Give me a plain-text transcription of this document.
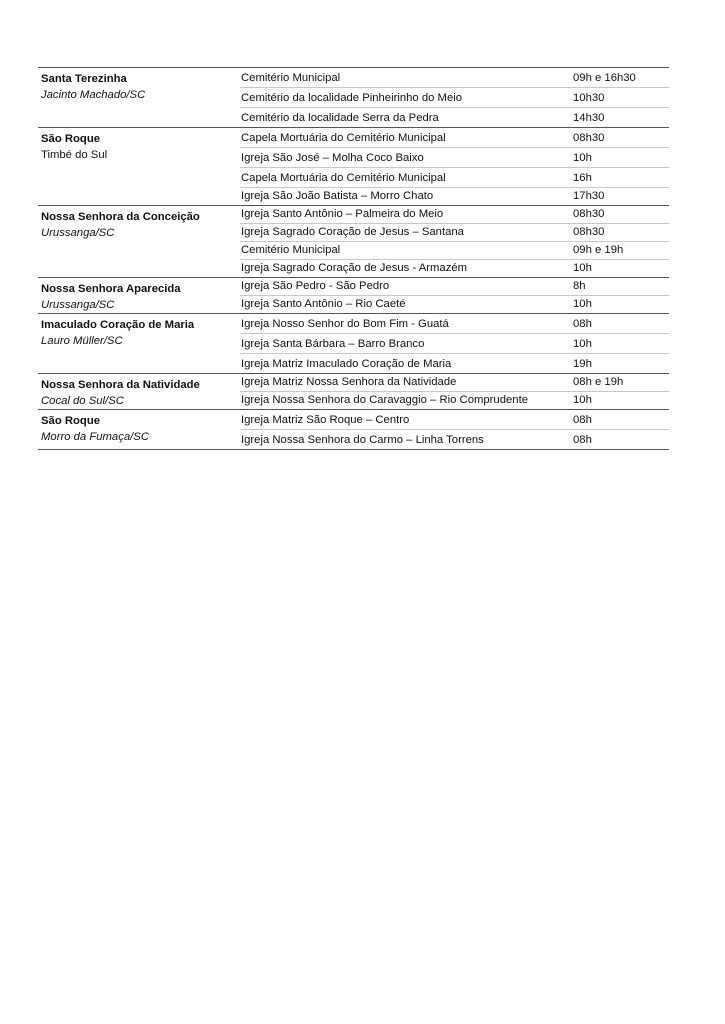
Santa Terezinha
Jacinto Machado/SC
Cemitério Municipal	09h e 16h30
Cemitério da localidade Pinheirinho do Meio	10h30
Cemitério da localidade Serra da Pedra	14h30
São Roque
Timbé do Sul
Capela Mortuária do Cemitério Municipal	08h30
Igreja São José – Molha Coco Baixo	10h
Capela Mortuária do Cemitério Municipal	16h
Igreja São João Batista – Morro Chato	17h30
Nossa Senhora da Conceição
Urussanga/SC
Igreja Santo Antônio – Palmeira do Meio	08h30
Igreja Sagrado Coração de Jesus – Santana	08h30
Cemitério Municipal	09h e 19h
Igreja Sagrado Coração de Jesus - Armazém	10h
Nossa Senhora Aparecida
Urussanga/SC
Igreja São Pedro - São Pedro	8h
Igreja Santo Antônio – Rio Caeté	10h
Imaculado Coração de Maria
Lauro Müller/SC
Igreja Nosso Senhor do Bom Fim - Guatá	08h
Igreja Santa Bárbara – Barro Branco	10h
Igreja Matriz Imaculado Coração de Maria	19h
Nossa Senhora da Natividade
Cocal do Sul/SC
Igreja Matriz Nossa Senhora da Natividade	08h e 19h
Igreja Nossa Senhora do Caravaggio – Rio Comprudente	10h
São Roque
Morro da Fumaça/SC
Igreja Matriz São Roque – Centro	08h
Igreja Nossa Senhora do Carmo – Linha Torrens	08h
